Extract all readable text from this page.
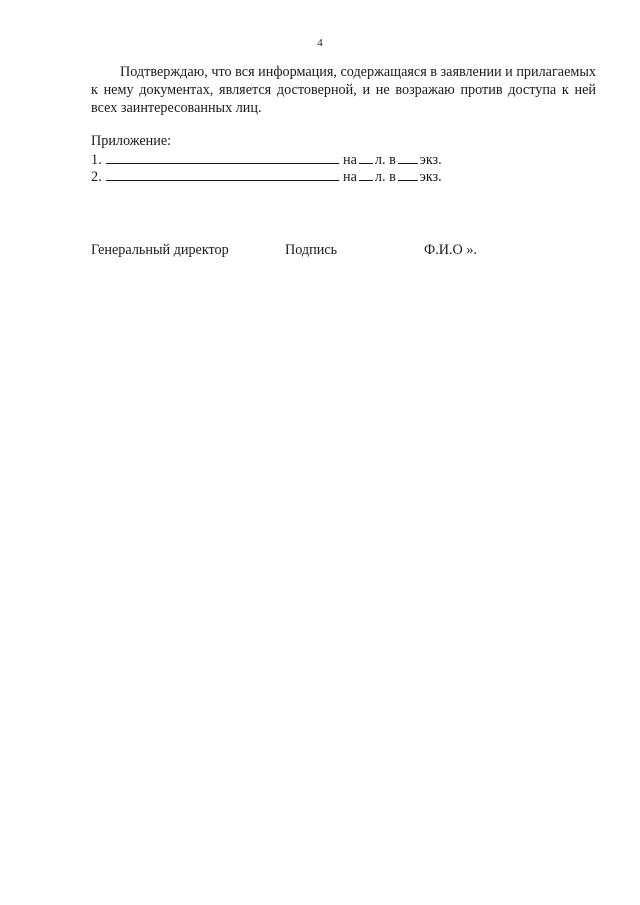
4

Подтверждаю, что вся информация, содержащаяся в заявлении и прилагаемых к нему документах, является достоверной, и не возражаю против доступа к ней всех заинтересованных лиц.

Приложение:

1.	на л. в экз.
2.	на л. в экз.

Генеральный директор	Подпись	Ф.И.О ».
